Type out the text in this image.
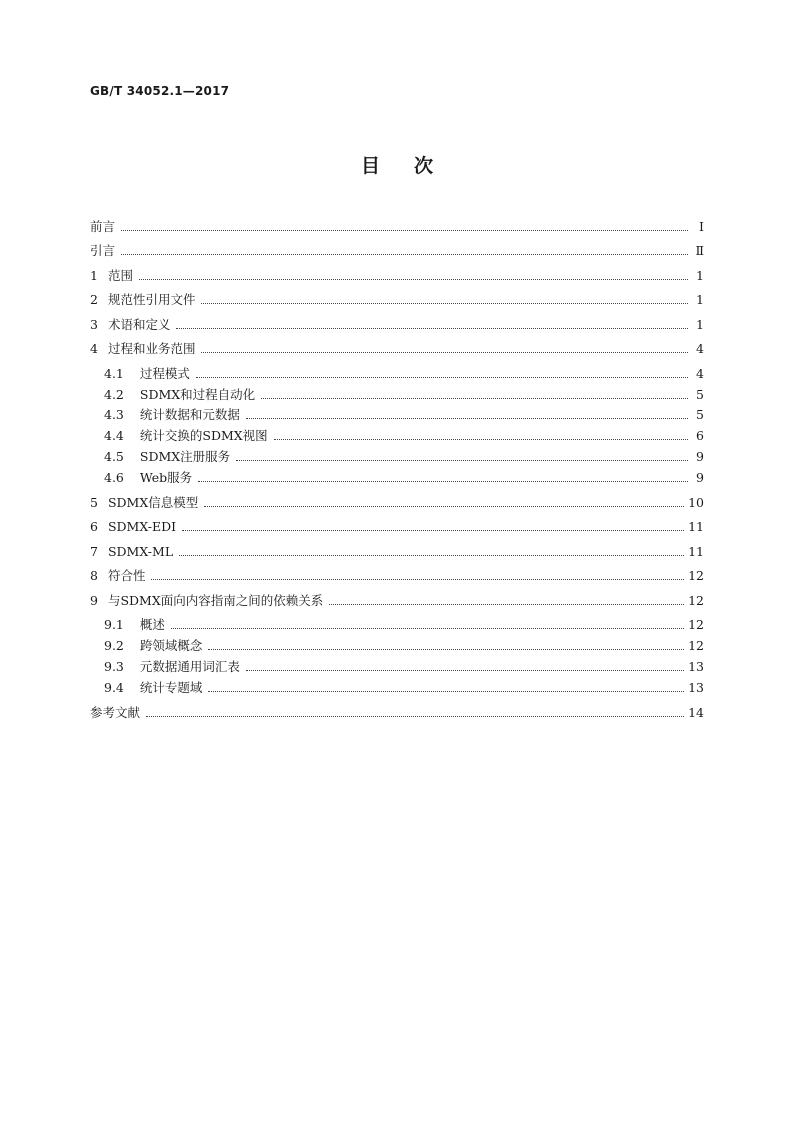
GB/T 34052.1—2017
目次
前言	Ⅰ
引言	Ⅱ
1 范围	1
2 规范性引用文件	1
3 术语和定义	1
4 过程和业务范围	4
4.1 过程模式	4
4.2 SDMX和过程自动化	5
4.3 统计数据和元数据	5
4.4 统计交换的SDMX视图	6
4.5 SDMX注册服务	9
4.6 Web服务	9
5 SDMX信息模型	10
6 SDMX-EDI	11
7 SDMX-ML	11
8 符合性	12
9 与SDMX面向内容指南之间的依赖关系	12
9.1 概述	12
9.2 跨领域概念	12
9.3 元数据通用词汇表	13
9.4 统计专题域	13
参考文献	14
